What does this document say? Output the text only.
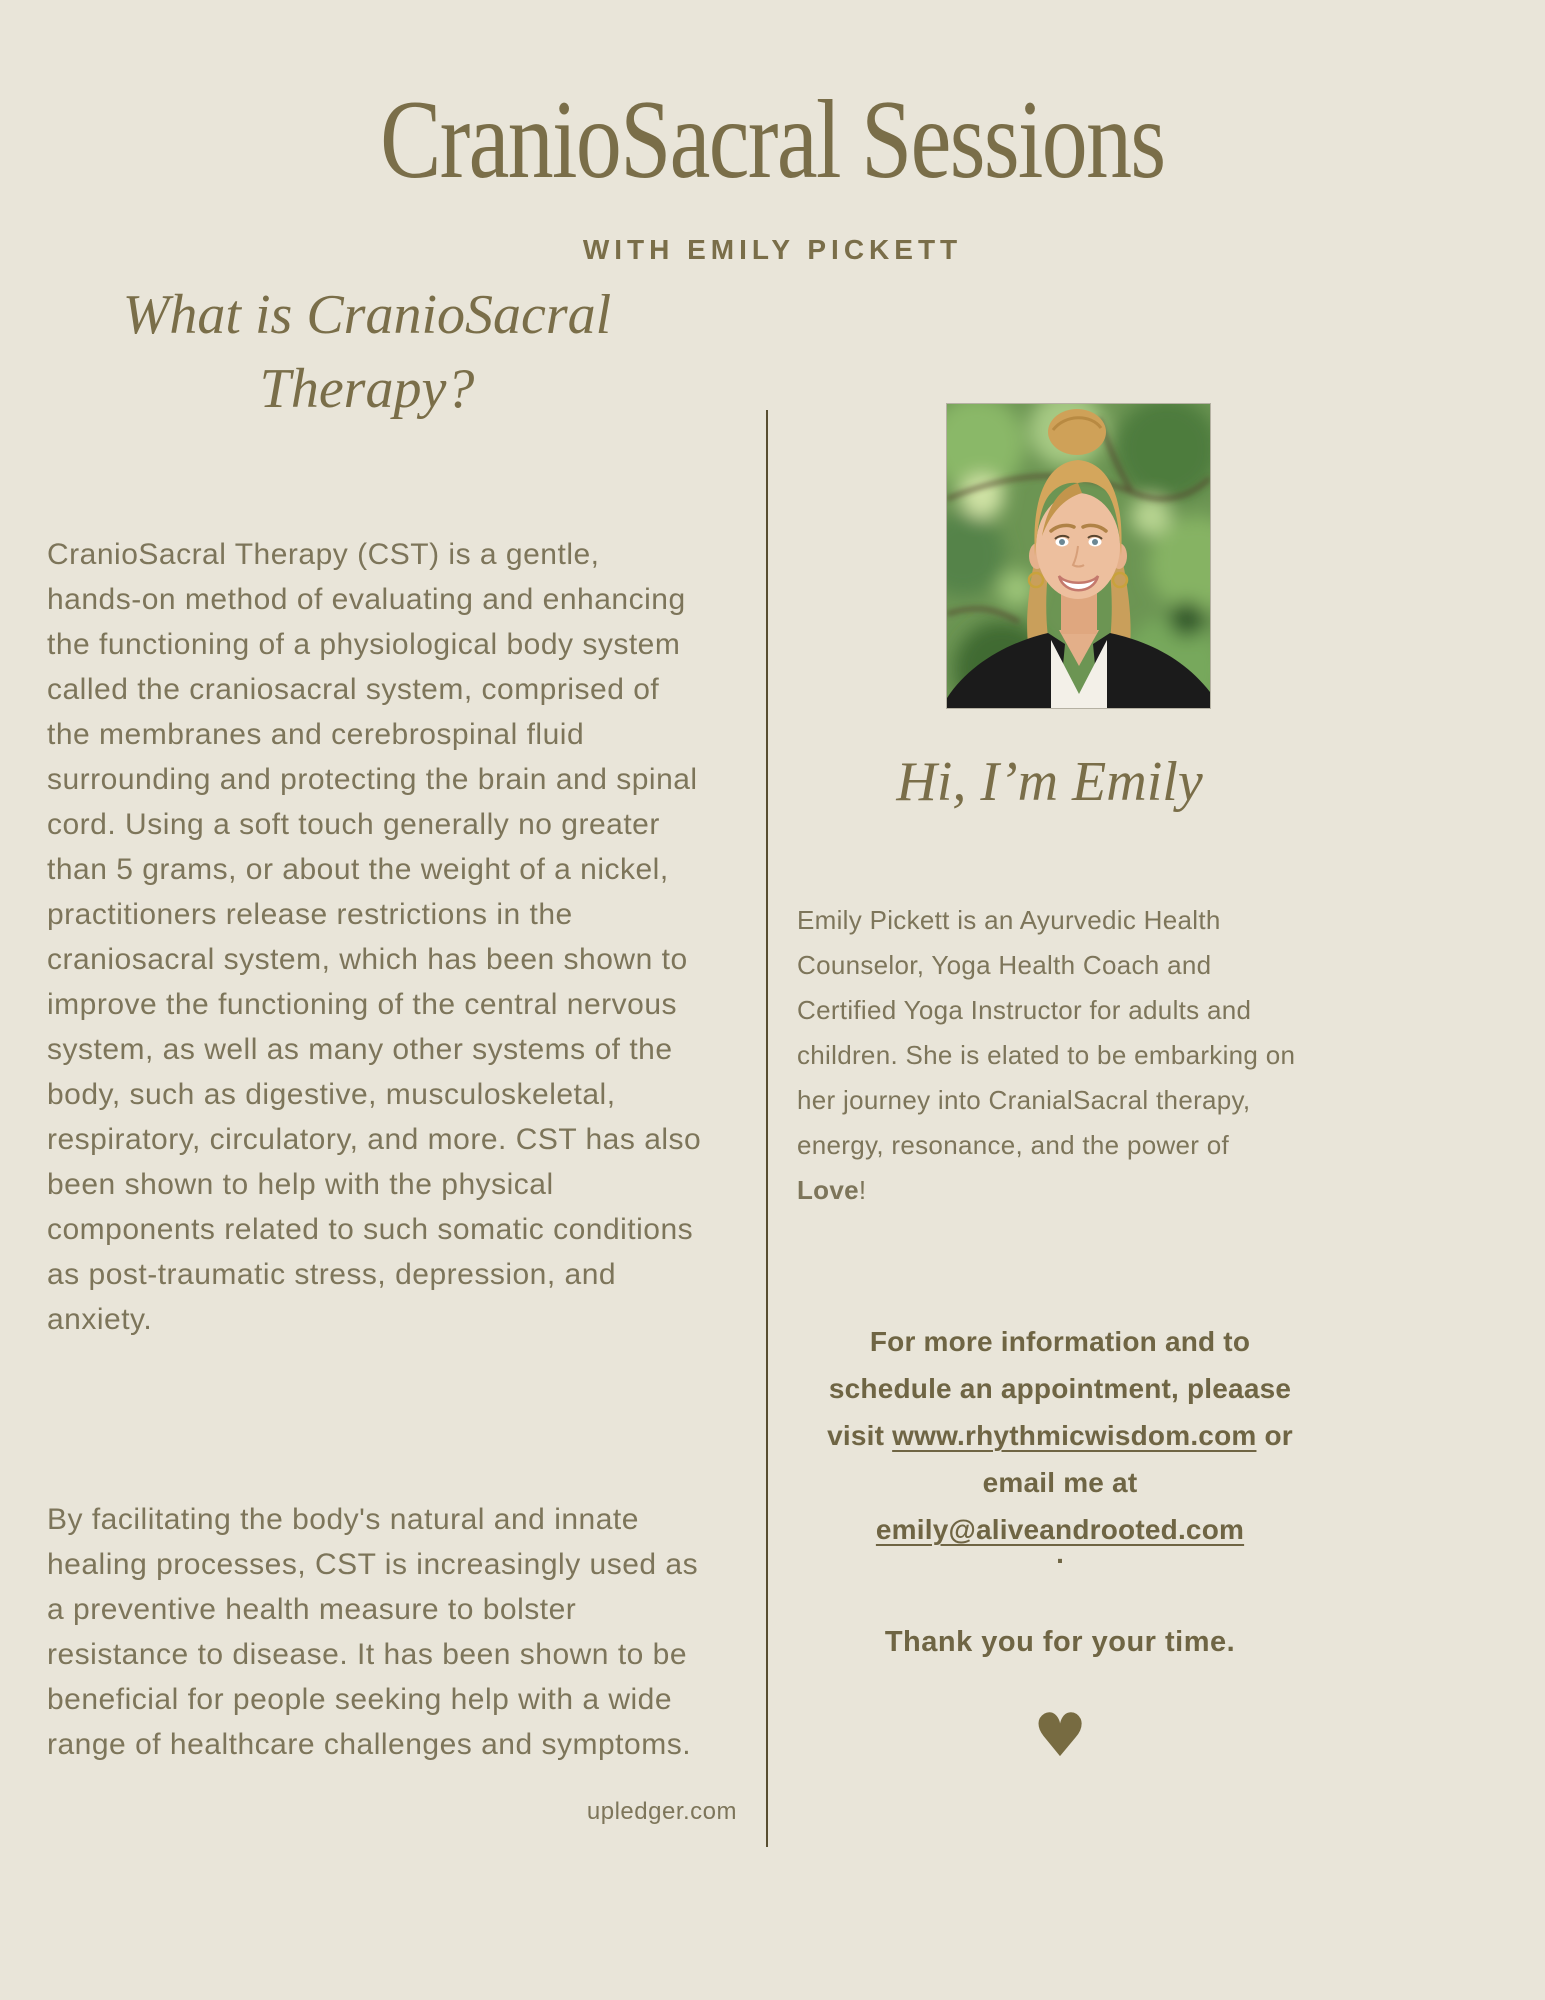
CranioSacral Sessions
WITH EMILY PICKETT
What is CranioSacral Therapy?
CranioSacral Therapy (CST) is a gentle, hands-on method of evaluating and enhancing the functioning of a physiological body system called the craniosacral system, comprised of the membranes and cerebrospinal fluid surrounding and protecting the brain and spinal cord. Using a soft touch generally no greater than 5 grams, or about the weight of a nickel, practitioners release restrictions in the craniosacral system, which has been shown to improve the functioning of the central nervous system, as well as many other systems of the body, such as digestive, musculoskeletal, respiratory, circulatory, and more. CST has also been shown to help with the physical components related to such somatic conditions as post-traumatic stress, depression, and anxiety.
By facilitating the body's natural and innate healing processes, CST is increasingly used as a preventive health measure to bolster resistance to disease. It has been shown to be beneficial for people seeking help with a wide range of healthcare challenges and symptoms.
upledger.com
Hi, I’m Emily
Emily Pickett is an Ayurvedic Health Counselor, Yoga Health Coach and Certified Yoga Instructor for adults and children. She is elated to be embarking on her journey into CranialSacral therapy, energy, resonance, and the power of Love!
For more information and to schedule an appointment, pleaase visit www.rhythmicwisdom.com or email me at emily@aliveandrooted.com
.
Thank you for your time.
♥
